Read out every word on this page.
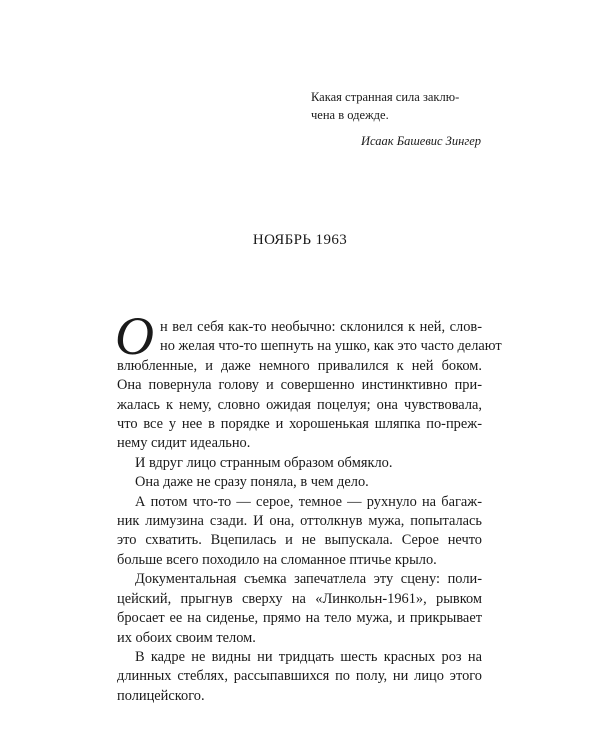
Какая странная сила заклю-
чена в одежде.
Исаак Башевис Зингер
НОЯБРЬ 1963
О н вел себя как-то необычно: склонился к ней, слов-
но желая что-то шепнуть на ушко, как это часто делают
влюбленные, и даже немного привалился к ней боком.
Она повернула голову и совершенно инстинктивно при-
жалась к нему, словно ожидая поцелуя; она чувствовала,
что все у нее в порядке и хорошенькая шляпка по-преж-
нему сидит идеально.
И вдруг лицо странным образом обмякло.
Она даже не сразу поняла, в чем дело.
А потом что-то — серое, темное — рухнуло на багаж-
ник лимузина сзади. И она, оттолкнув мужа, попыталась
это схватить. Вцепилась и не выпускала. Серое нечто
больше всего походило на сломанное птичье крыло.
Документальная съемка запечатлела эту сцену: поли-
цейский, прыгнув сверху на «Линкольн-1961», рывком
бросает ее на сиденье, прямо на тело мужа, и прикрывает
их обоих своим телом.
В кадре не видны ни тридцать шесть красных роз на
длинных стеблях, рассыпавшихся по полу, ни лицо этого
полицейского.
